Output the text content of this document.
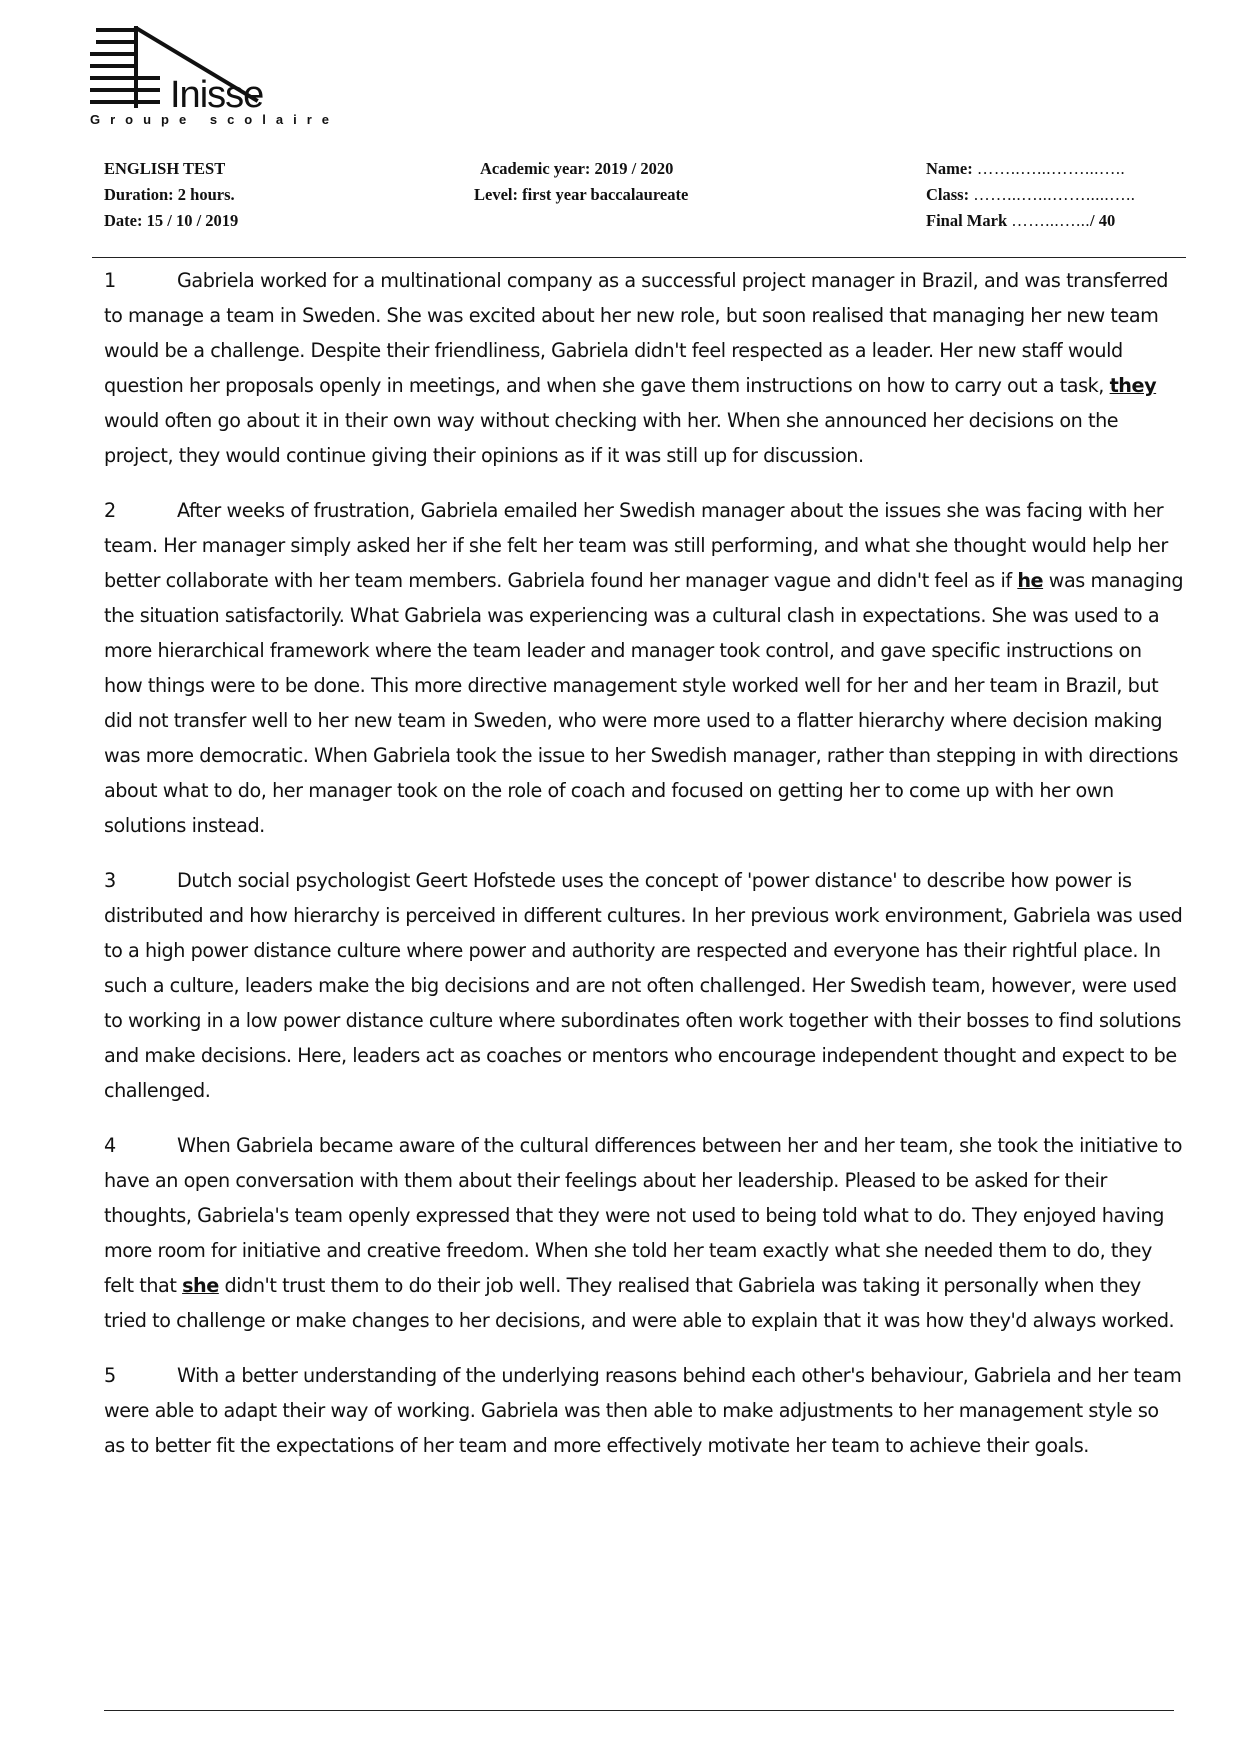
Inisse
Groupe scolaire
ENGLISH TEST
Duration: 2 hours.
Date: 15 / 10 / 2019
Academic year: 2019 / 2020
Level: first year baccalaureate
Name: ……..…...……...…..
Class: ……...…...…….....…..
Final Mark ……...….../ 40

1	Gabriela worked for a multinational company as a successful project manager in Brazil, and was transferred to manage a team in Sweden. She was excited about her new role, but soon realised that managing her new team would be a challenge. Despite their friendliness, Gabriela didn't feel respected as a leader. Her new staff would question her proposals openly in meetings, and when she gave them instructions on how to carry out a task, they would often go about it in their own way without checking with her. When she announced her decisions on the project, they would continue giving their opinions as if it was still up for discussion.

2	After weeks of frustration, Gabriela emailed her Swedish manager about the issues she was facing with her team. Her manager simply asked her if she felt her team was still performing, and what she thought would help her better collaborate with her team members. Gabriela found her manager vague and didn't feel as if he was managing the situation satisfactorily. What Gabriela was experiencing was a cultural clash in expectations. She was used to a more hierarchical framework where the team leader and manager took control, and gave specific instructions on how things were to be done. This more directive management style worked well for her and her team in Brazil, but did not transfer well to her new team in Sweden, who were more used to a flatter hierarchy where decision making was more democratic. When Gabriela took the issue to her Swedish manager, rather than stepping in with directions about what to do, her manager took on the role of coach and focused on getting her to come up with her own solutions instead.

3	Dutch social psychologist Geert Hofstede uses the concept of 'power distance' to describe how power is distributed and how hierarchy is perceived in different cultures. In her previous work environment, Gabriela was used to a high power distance culture where power and authority are respected and everyone has their rightful place. In such a culture, leaders make the big decisions and are not often challenged. Her Swedish team, however, were used to working in a low power distance culture where subordinates often work together with their bosses to find solutions and make decisions. Here, leaders act as coaches or mentors who encourage independent thought and expect to be challenged.

4	When Gabriela became aware of the cultural differences between her and her team, she took the initiative to have an open conversation with them about their feelings about her leadership. Pleased to be asked for their thoughts, Gabriela's team openly expressed that they were not used to being told what to do. They enjoyed having more room for initiative and creative freedom. When she told her team exactly what she needed them to do, they felt that she didn't trust them to do their job well. They realised that Gabriela was taking it personally when they tried to challenge or make changes to her decisions, and were able to explain that it was how they'd always worked.

5	With a better understanding of the underlying reasons behind each other's behaviour, Gabriela and her team were able to adapt their way of working. Gabriela was then able to make adjustments to her management style so as to better fit the expectations of her team and more effectively motivate her team to achieve their goals.
